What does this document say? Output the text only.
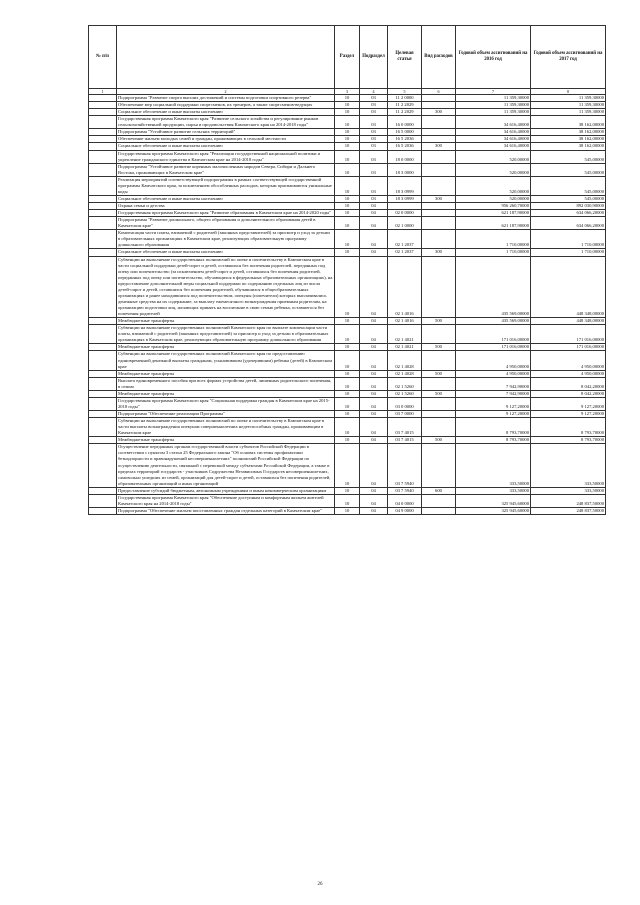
№ п/п		Раздел	Подраздел	Целевая статья	Вид расходов	Годовой объем ассигнований на 2016 год	Годовой объем ассигнований на 2017 год
1	2	3	4	5	6	7	8
	Подпрограмма "Развитие спорта высших достижений и системы подготовки спортивного резерва"	10	03	11 2 0000		11 359,30000	11 359,30000
	Обеспечение мер социальной поддержки спортсменов, их тренеров, а также спортсменов-ведущих	10	03	11 2 2029		11 359,30000	11 359,30000
	Социальное обеспечение и иные выплаты населению	10	03	11 2 2029	300	11 359,30000	11 359,30000
	Государственная программа Камчатского края "Развитие сельского хозяйства и регулирование рынков сельскохозяйственной продукции, сырья и продовольствия Камчатского края на 2014-2018 годы"	10	03	16 0 0000		34 616,40000	38 162,00000
	Подпрограмма "Устойчивое развитие сельских территорий"	10	03	16 5 0000		34 616,40000	38 162,00000
	Обеспечение жильем молодых семей и граждан, проживающих в сельской местности	10	03	16 5 2036		34 616,40000	38 162,00000
	Социальное обеспечение и иные выплаты населению	10	03	16 5 2036	300	34 616,40000	38 162,00000
	Государственная программа Камчатского края "Реализация государственной национальной политики и укрепление гражданского единства в Камчатском крае на 2014-2018 годы"	10	03	18 0 0000		520,00000	545,00000
	Подпрограмма "Устойчивое развитие коренных малочисленных народов Севера, Сибири и Дальнего Востока, проживающих в Камчатском крае"	10	03	18 3 0000		520,00000	545,00000
	Реализация мероприятий соответствующей подпрограммы в рамках соответствующей государственной программы Камчатского края, за исключением обособленных расходов, которым присваиваются уникальные коды	10	03	18 3 0999		520,00000	545,00000
	Социальное обеспечение и иные выплаты населению	10	03	18 3 0999	300	520,00000	545,00000
	Охрана семьи и детства	10	04			956 260,70000	892 030,90000
	Государственная программа Камчатского края "Развитие образования в Камчатском крае на 2014-2020 годы"	10	04	02 0 0000		621 187,90000	634 066,20000
	Подпрограмма "Развитие дошкольного, общего образования и дополнительного образования детей в Камчатском крае"	10	04	02 1 0000		621 187,90000	634 066,20000
	Компенсация части платы, взимаемой с родителей (законных представителей) за присмотр и уход за детьми в образовательных организациях в Камчатском крае, реализующих образовательную программу дошкольного образования	10	04	02 1 2037		1 710,00000	1 710,00000
	Социальное обеспечение и иные выплаты населению	10	04	02 1 2037	300	1 710,00000	1 710,00000
	Субвенции на выполнение государственных полномочий по опеке и попечительству в Камчатском крае в части социальной поддержки детей-сирот и детей, оставшихся без попечения родителей, переданных под опеку или попечительство (за исключением детей-сирот и детей, оставшихся без попечения родителей, переданных под опеку или попечительство, обучающихся в федеральных образовательных организациях), на предоставление дополнительной меры социальной поддержки по содержанию отдельных лиц из числа детей-сирот и детей, оставшихся без попечения родителей, обучавшихся в общеобразовательных организациях и ранее находившихся под попечительством, опекуны (попечители) которых выплачивались денежные средства на их содержание, за выплату ежемесячного вознаграждения приемным родителям, на организацию подготовки лиц, желающих принять на воспитание в свою семью ребенка, оставшегося без попечения родителей	10	04	02 1 4016		435 569,00000	448 348,00000
	Межбюджетные трансферты	10	04	02 1 4016	500	435 569,00000	448 348,00000
	Субвенции на выполнение государственных полномочий Камчатского края по выплате компенсации части платы, взимаемой с родителей (законных представителей) за присмотр и уход за детьми в образовательных организациях в Камчатском крае, реализующих образовательную программу дошкольного образования	10	04	02 1 4021		171 016,00000	171 016,00000
	Межбюджетные трансферты	10	04	02 1 4021	500	171 016,00000	171 016,00000
	Субвенции на выполнение государственных полномочий Камчатского края по предоставлению единовременной денежной выплаты гражданам, усыновившим (удочерившим) ребенка (детей) в Камчатском крае	10	04	02 1 4028		4 950,00000	4 950,00000
	Межбюджетные трансферты	10	04	02 1 4028	500	4 950,00000	4 950,00000
	Выплата единовременного пособия при всех формах устройства детей, лишенных родительского попечения, в семью	10	04	02 1 5260		7 942,90000	8 042,20000
	Межбюджетные трансферты	10	04	02 1 5260	500	7 942,90000	8 042,20000
	Государственная программа Камчатского края "Социальная поддержка граждан в Камчатском крае на 2015-2018 годы"	10	04	03 0 0000		9 127,20000	9 127,20000
	Подпрограмма "Обеспечение реализации Программы"	10	04	03 7 0000		9 127,20000	9 127,20000
	Субвенции на выполнение государственных полномочий по опеке и попечительству в Камчатском крае в части выплаты вознаграждения опекунам совершеннолетних недееспособных граждан, проживающим в Камчатском крае	10	04	03 7 4015		8 793,70000	8 793,70000
	Межбюджетные трансферты	10	04	03 7 4015	500	8 793,70000	8 793,70000
	Осуществление переданных органам государственной власти субъектов Российской Федерации в соответствии с пунктом 3 статьи 25 Федерального закона "Об основах системы профилактики безнадзорности и правонарушений несовершеннолетних" полномочий Российской Федерации по осуществлению деятельности, связанной с перевозкой между субъектами Российской Федерации, а также в пределах территорий государств - участников Содружества Независимых Государств несовершеннолетних, самовольно ушедших из семей, организаций для детей-сирот и детей, оставшихся без попечения родителей, образовательных организаций и иных организаций	10	04	03 7 5940		333,50000	333,50000
	Предоставление субсидий бюджетным, автономным учреждениям и иным некоммерческим организациям	10	04	03 7 5940	600	333,50000	333,50000
	Государственная программа Камчатского края "Обеспечение доступным и комфортным жильем жителей Камчатского края на 2014-2018 годы"	10	04	04 0 0000		325 945,60000	248 837,50000
	Подпрограмма "Обеспечение жильем nпоставленных граждан отдельных категорий в Камчатском крае"	10	04	04 9 0000		325 945,60000	248 837,50000
26
